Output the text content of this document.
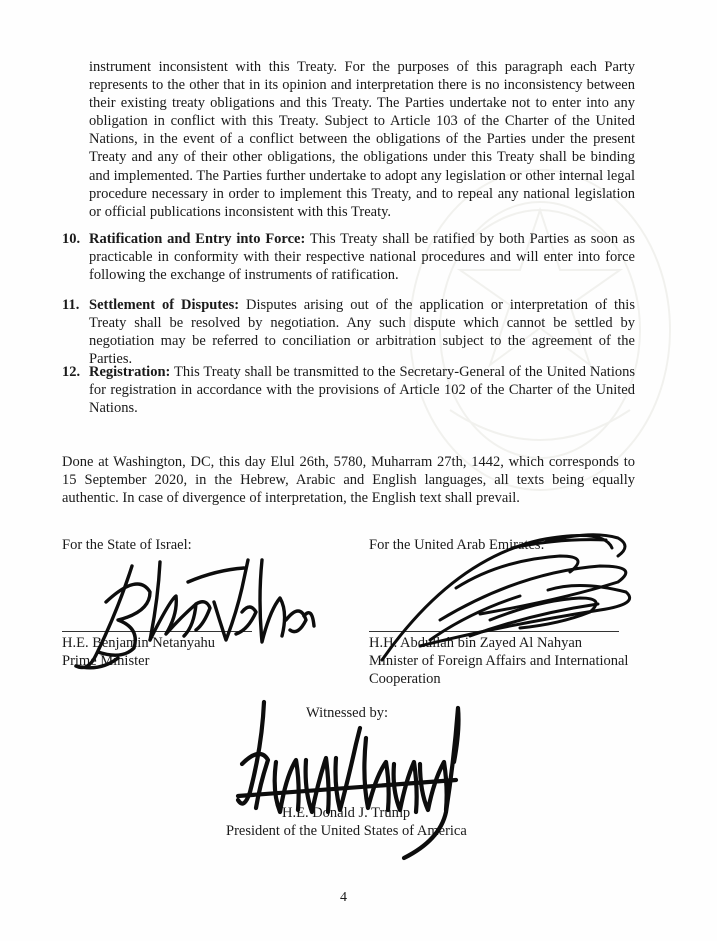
instrument inconsistent with this Treaty. For the purposes of this paragraph each Party represents to the other that in its opinion and interpretation there is no inconsistency between their existing treaty obligations and this Treaty. The Parties undertake not to enter into any obligation in conflict with this Treaty. Subject to Article 103 of the Charter of the United Nations, in the event of a conflict between the obligations of the Parties under the present Treaty and any of their other obligations, the obligations under this Treaty shall be binding and implemented. The Parties further undertake to adopt any legislation or other internal legal procedure necessary in order to implement this Treaty, and to repeal any national legislation or official publications inconsistent with this Treaty.

10. Ratification and Entry into Force: This Treaty shall be ratified by both Parties as soon as practicable in conformity with their respective national procedures and will enter into force following the exchange of instruments of ratification.

11. Settlement of Disputes: Disputes arising out of the application or interpretation of this Treaty shall be resolved by negotiation. Any such dispute which cannot be settled by negotiation may be referred to conciliation or arbitration subject to the agreement of the Parties.

12. Registration: This Treaty shall be transmitted to the Secretary-General of the United Nations for registration in accordance with the provisions of Article 102 of the Charter of the United Nations.

Done at Washington, DC, this day Elul 26th, 5780, Muharram 27th, 1442, which corresponds to 15 September 2020, in the Hebrew, Arabic and English languages, all texts being equally authentic. In case of divergence of interpretation, the English text shall prevail.

For the State of Israel:
H.E. Benjamin Netanyahu
Prime Minister
For the United Arab Emirates:
H.H. Abdullah bin Zayed Al Nahyan
Minister of Foreign Affairs and International
Cooperation
Witnessed by:
H.E. Donald J. Trump
President of the United States of America
4
